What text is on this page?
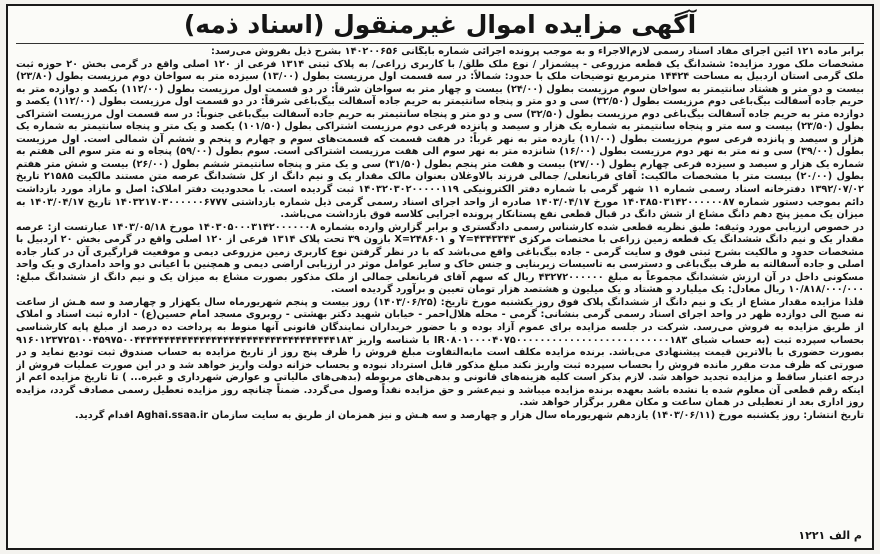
آگهی مزایده اموال غیرمنقول (اسناد ذمه)

برابر ماده ۱۲۱ آئین اجرای مفاد اسناد رسمی لازم‌الاجراء و به موجب پرونده اجرائی شماره بایگانی ۱۴۰۲۰۰۶۵۶ بشرح ذیل بفروش می‌رسد:

مشخصات ملک مورد مزایده: ششدانگ یک قطعه مزروعی - پیشمزار / نوع ملک طلق/ با کاربری زراعی/ به پلاک ثبتی ۱۳۱۴ فرعی از ۱۲۰ اصلی واقع در گرمی بخش ۲۰ حوزه ثبت ملک گرمی استان اردبیل به مساحت ۱۴۴۲۴ مترمربع توضیحات ملک با حدود: شمالاً: در سه قسمت اول مرزیست بطول (۱۳/۰۰) سیزده متر به سواخان دوم مرزیست بطول (۲۳/۸۰) بیست و دو متر و هشتاد سانتیمتر به سواخان سوم مرزیست بطول (۲۴/۰۰) بیست و چهار متر به سواخان شرقاً: در دو قسمت اول مرزیست بطول (۱۱۲/۰۰) یکصد و دوازده متر به حریم جاده آسفالت بیگ‌باغی دوم مرزیست بطول (۳۲/۵۰) سی و دو متر و پنجاه سانتیمتر به حریم جاده آسفالت بیگ‌باغی شرقاً: در دو قسمت اول مرزیست بطول (۱۱۲/۰۰) یکصد و دوازده متر به حریم جاده آسفالت بیگ‌باغی دوم مرزیست بطول (۳۲/۵۰) سی و دو متر و پنجاه سانتیمتر به حریم جاده آسفالت بیگ‌باغی جنوباً: در سه قسمت اول مرزیست اشتراکی بطول (۲۳/۵۰) بیست و سه متر و پنجاه سانتیمتر به شماره یک هزار و سیصد و پانزده فرعی دوم مرزیست اشتراکی بطول (۱۰۱/۵۰) یکصد و یک متر و پنجاه سانتیمتر به شماره یک هزار و سیصد و پانزده فرعی سوم مرزیست بطول (۱۱/۰۰) یازده متر به نهر غرباً: در هفت قسمت که قسمت‌های سوم و چهارم و پنجم و ششم آن شمالی است. اول مرزیست بطول (۳۹/۰۰) سی و نه متر به نهر دوم مرزیست بطول (۱۶/۰۰) شانزده متر به نهر سوم الی هفت مرزیست اشتراکی است. سوم بطول (۵۹/۰۰) پنجاه و نه متر سوم الی هفتم به شماره یک هزار و سیصد و سیزده فرعی چهارم بطول (۲۷/۰۰) بیست و هفت متر پنجم بطول (۳۱/۵۰) سی و یک متر و پنجاه سانتیمتر ششم بطول (۲۶/۰۰) بیست و شش متر هفتم بطول (۲۰/۰۰) بیست متر با مشخصات مالکیت: آقای قربانعلی/ جمالی فرزند بالاوغلان بعنوان مالک مقدار یک و نیم دانگ از کل ششدانگ عرصه متن مستند مالکیت ۲۱۵۸۵ تاریخ ۱۳۹۲/۰۷/۰۲ دفترخانه اسناد رسمی شماره ۱۱ شهر گرمی با شماره دفتر الکترونیکی ۱۴۰۳۲۰۳۰۲۰۰۰۰۰۱۱۹ ثبت گردیده است. با محدودیت دفتر املاک: اصل و مازاد مورد بازداشت دائم بموجب دستور شماره ۱۴۰۳۸۵۰۳۱۴۲۰۰۰۰۰۰۸۷ مورخ ۱۴۰۳/۰۴/۱۷ صادره از واحد اجرای اسناد رسمی گرمی ذیل شماره بازداشتی ۱۴۰۳۲۱۷۰۳۰۰۰۰۰۰۶۷۷۷ تاریخ ۱۴۰۳/۰۴/۱۷ به میزان یک ممیز پنج دهم دانگ مشاع از شش دانگ در قبال قطعی نفع پستانکار پرونده اجرایی کلاسه فوق بازداشت می‌باشد.

در خصوص ارزیابی مورد وثیقه: طبق نظریه قطعی شده کارشناس رسمی دادگستری و برابر گزارش وارده بشماره ۱۴۰۳۰۵۰۰۰۳۱۴۲۰۰۰۰۰۰۸ مورخ ۱۴۰۳/۰۵/۱۸ عبارتست از: عرصه مقدار یک و نیم دانگ ششدانگ یک قطعه زمین زراعی با مختصات مرکزی Y=۴۳۴۳۳۴۳ و X=۲۴۸۶۰۱ بازون ۳۹ تحت پلاک ۱۳۱۴ فرعی از ۱۲۰ اصلی واقع در گرمی بخش ۲۰ اردبیل با مشخصات حدود و مالکیت بشرح ثبتی فوق و سایت گرمی - جاده بیگ‌باغی واقع می‌باشد که با در نظر گرفتن نوع کاربری زمین مزروعی دیمی و موقعیت قرارگیری آن در کنار جاده اصلی و جاده آسفالته به طرف بیگ‌باغی و دسترسی به تاسیسات زیربنایی و جنس خاک و سایر عوامل موثر در ارزیابی اراضی دیمی و همچنین با اعیانی دو واحد دامداری و یک واحد مسکونی داخل در آن ارزش ششدانگ مجموعاً به مبلغ ۴۳۲۷۲۰۰۰۰۰۰ ریال که سهم آقای قربانعلی جمالی از ملک مذکور بصورت مشاع به میزان یک و نیم دانگ از ششدانگ مبلغ: ۱۰/۸۱۸/۰۰۰/۰۰۰ ریال معادل: یک میلیارد و هشتاد و یک میلیون و هشتصد هزار تومان تعیین و برآورد گردیده است.

فلذا مزایده مقدار مشاع از یک و نیم دانگ از ششدانگ پلاک فوق روز یکشنبه مورخ تاریخ: (۱۴۰۳/۰۶/۲۵) روز بیست و پنجم شهریورماه سال یکهزار و چهارصد و سه هـش از ساعت نه صبح الی دوازده ظهر در واحد اجرای اسناد رسمی گرمی بنشانی: گرمی - محله هلال‌احمر - خیابان شهید دکتر بهشتی - روبروی مسجد امام حسین(ع) - اداره ثبت اسناد و املاک از طریق مزایده به فروش می‌رسد. شرکت در جلسه مزایده برای عموم آزاد بوده و با حضور خریداران نمایندگان قانونی آنها منوط به پرداخت ده درصد از مبلغ پایه کارشناسی بحساب سپرده ثبت (به حساب شبای IR۰۸۰۱۰۰۰۰۴۰۷۵۰۰۰۰۰۰۰۰۰۰۰۰۰۰۰۰۰۰۰۰۰۰۰۰۰۰۱۸۳ با شناسه واریز ۹۱۶۰۱۲۳۷۲۵۱۰۰۴۵۹۷۵۰۰۴۴۴۴۴۴۴۴۴۴۴۴۴۴۴۴۴۴۴۴۴۴۴۴۴۴۴۴۴۴۴۴۴۴۱۸۳ بصورت حضوری با بالاترین قیمت پیشنهادی می‌باشد. برنده مزایده مکلف است مابه‌التفاوت مبلغ فروش را ظرف پنج روز از تاریخ مزایده به حساب صندوق ثبت تودیع نماید و در صورتی که ظرف مدت مقرر مانده فروش را بحساب سپرده ثبت واریز نکند مبلغ مذکور قابل استرداد نبوده و بحساب خزانه دولت واریز خواهد شد و در این صورت عملیات فروش از درجه اعتبار ساقط و مزایده تجدید خواهد شد. لازم بذکر است کلیه هزینه‌های قانونی و بدهی‌های مربوطه (بدهی‌های مالیاتی و عوارض شهرداری و غیره... ) تا تاریخ مزایده اعم از اینکه رقم قطعی آن معلوم شده یا نشده باشد بعهده برنده مزایده میباشد و نیم‌عشر و حق مزایده نقداً وصول می‌گردد. ضمناً چنانچه روز مزایده تعطیل رسمی مصادف گردد، مزایده روز اداری بعد از تعطیلی در همان ساعت و مکان مقرر برگزار خواهد شد.

تاریخ انتشار: روز یکشنبه مورخ (۱۴۰۳/۰۶/۱۱) یازدهم شهریورماه سال هزار و چهارصد و سه هـش و نیز همزمان از طریق به سایت سازمان Aghai.ssaa.ir اقدام گردید.

م الف ۱۲۲۱
